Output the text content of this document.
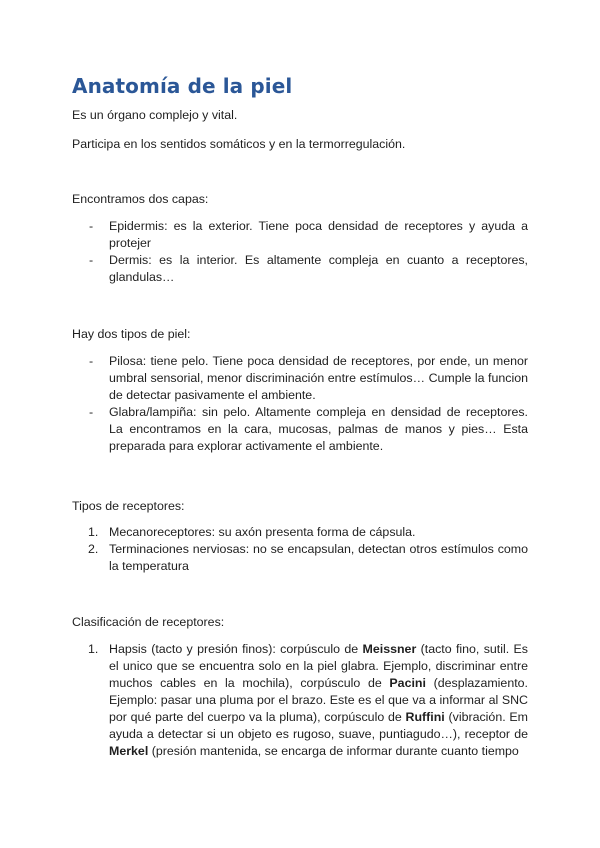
Anatomía de la piel

Es un órgano complejo y vital.

Participa en los sentidos somáticos y en la termorregulación.

Encontramos dos capas:

- Epidermis: es la exterior. Tiene poca densidad de receptores y ayuda a protejer
- Dermis: es la interior. Es altamente compleja en cuanto a receptores, glandulas…

Hay dos tipos de piel:

- Pilosa: tiene pelo. Tiene poca densidad de receptores, por ende, un menor umbral sensorial, menor discriminación entre estímulos… Cumple la funcion de detectar pasivamente el ambiente.
- Glabra/lampiña: sin pelo. Altamente compleja en densidad de receptores. La encontramos en la cara, mucosas, palmas de manos y pies… Esta preparada para explorar activamente el ambiente.

Tipos de receptores:

1. Mecanoreceptores: su axón presenta forma de cápsula.
2. Terminaciones nerviosas: no se encapsulan, detectan otros estímulos como la temperatura

Clasificación de receptores:

1. Hapsis (tacto y presión finos): corpúsculo de Meissner (tacto fino, sutil. Es el unico que se encuentra solo en la piel glabra. Ejemplo, discriminar entre muchos cables en la mochila), corpúsculo de Pacini (desplazamiento. Ejemplo: pasar una pluma por el brazo. Este es el que va a informar al SNC por qué parte del cuerpo va la pluma), corpúsculo de Ruffini (vibración. Em ayuda a detectar si un objeto es rugoso, suave, puntiagudo…), receptor de Merkel (presión mantenida, se encarga de informar durante cuanto tiempo
